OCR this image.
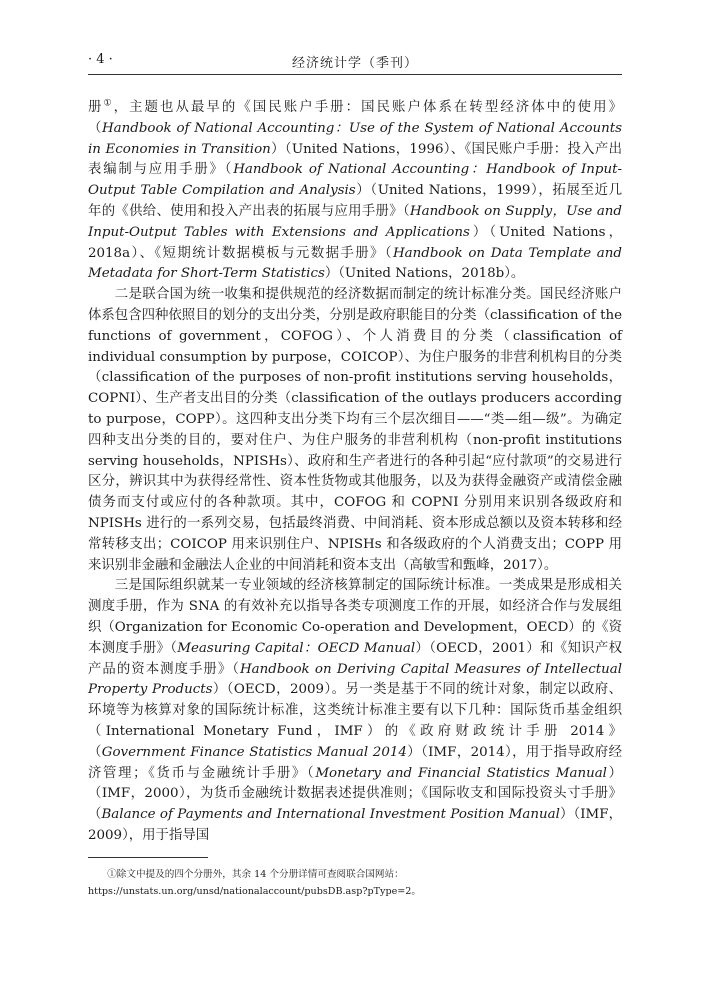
· 4 ·	经济统计学（季刊）

册①，主题也从最早的《国民账户手册：国民账户体系在转型经济体中的使用》（Handbook of National Accounting：Use of the System of National Accounts in Economies in Transition）（United Nations，1996）、《国民账户手册：投入产出表编制与应用手册》（Handbook of National Accounting：Handbook of Input-Output Table Compilation and Analysis）（United Nations，1999），拓展至近几年的《供给、使用和投入产出表的拓展与应用手册》（Handbook on Supply，Use and Input-Output Tables with Extensions and Applications）（United Nations，2018a）、《短期统计数据模板与元数据手册》（Handbook on Data Template and Metadata for Short-Term Statistics）（United Nations，2018b）。

二是联合国为统一收集和提供规范的经济数据而制定的统计标准分类。国民经济账户体系包含四种依照目的划分的支出分类，分别是政府职能目的分类（classification of the functions of government，COFOG）、个人消费目的分类（classification of individual consumption by purpose，COICOP）、为住户服务的非营利机构目的分类（classification of the purposes of non-profit institutions serving households，COPNI）、生产者支出目的分类（classification of the outlays producers according to purpose，COPP）。这四种支出分类下均有三个层次细目——“类—组—级”。为确定四种支出分类的目的，要对住户、为住户服务的非营利机构（non-profit institutions serving households，NPISHs）、政府和生产者进行的各种引起“应付款项”的交易进行区分，辨识其中为获得经常性、资本性货物或其他服务，以及为获得金融资产或清偿金融债务而支付或应付的各种款项。其中，COFOG 和 COPNI 分别用来识别各级政府和 NPISHs 进行的一系列交易，包括最终消费、中间消耗、资本形成总额以及资本转移和经常转移支出；COICOP 用来识别住户、NPISHs 和各级政府的个人消费支出；COPP 用来识别非金融和金融法人企业的中间消耗和资本支出（高敏雪和甄峰，2017）。

三是国际组织就某一专业领域的经济核算制定的国际统计标准。一类成果是形成相关测度手册，作为 SNA 的有效补充以指导各类专项测度工作的开展，如经济合作与发展组织（Organization for Economic Co-operation and Development，OECD）的《资本测度手册》（Measuring Capital：OECD Manual）（OECD，2001）和《知识产权产品的资本测度手册》（Handbook on Deriving Capital Measures of Intellectual Property Products）（OECD，2009）。另一类是基于不同的统计对象，制定以政府、环境等为核算对象的国际统计标准，这类统计标准主要有以下几种：国际货币基金组织（International Monetary Fund，IMF）的《政府财政统计手册 2014》（Government Finance Statistics Manual 2014）（IMF，2014），用于指导政府经济管理；《货币与金融统计手册》（Monetary and Financial Statistics Manual）（IMF，2000），为货币金融统计数据表述提供准则；《国际收支和国际投资头寸手册》（Balance of Payments and International Investment Position Manual）（IMF，2009），用于指导国

①除文中提及的四个分册外，其余 14 个分册详情可查阅联合国网站：https://unstats.un.org/unsd/nationalaccount/pubsDB.asp?pType=2。
